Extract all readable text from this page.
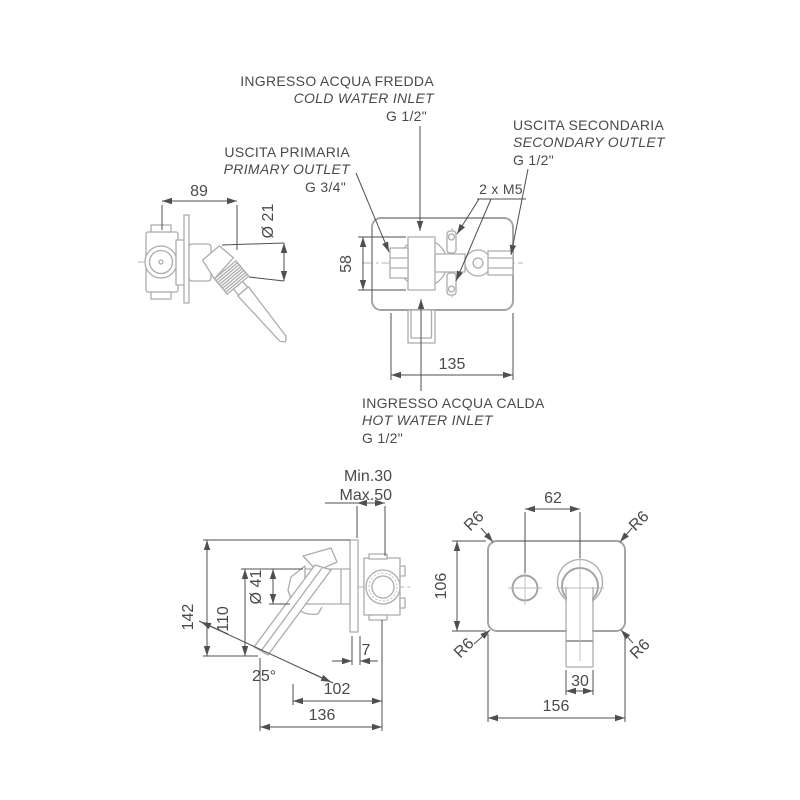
89
Ø 21
58
135
INGRESSO ACQUA FREDDA
COLD WATER INLET
G 1/2"
USCITA PRIMARIA
PRIMARY OUTLET
G 3/4"
USCITA SECONDARIA
SECONDARY OUTLET
G 1/2"
2 x M5
INGRESSO ACQUA CALDA
HOT WATER INLET
G 1/2"
Min.30
Max.50
142 110
Ø 41
25°
7
102
136
62
106
R6	R6
R6	R6
30
156
